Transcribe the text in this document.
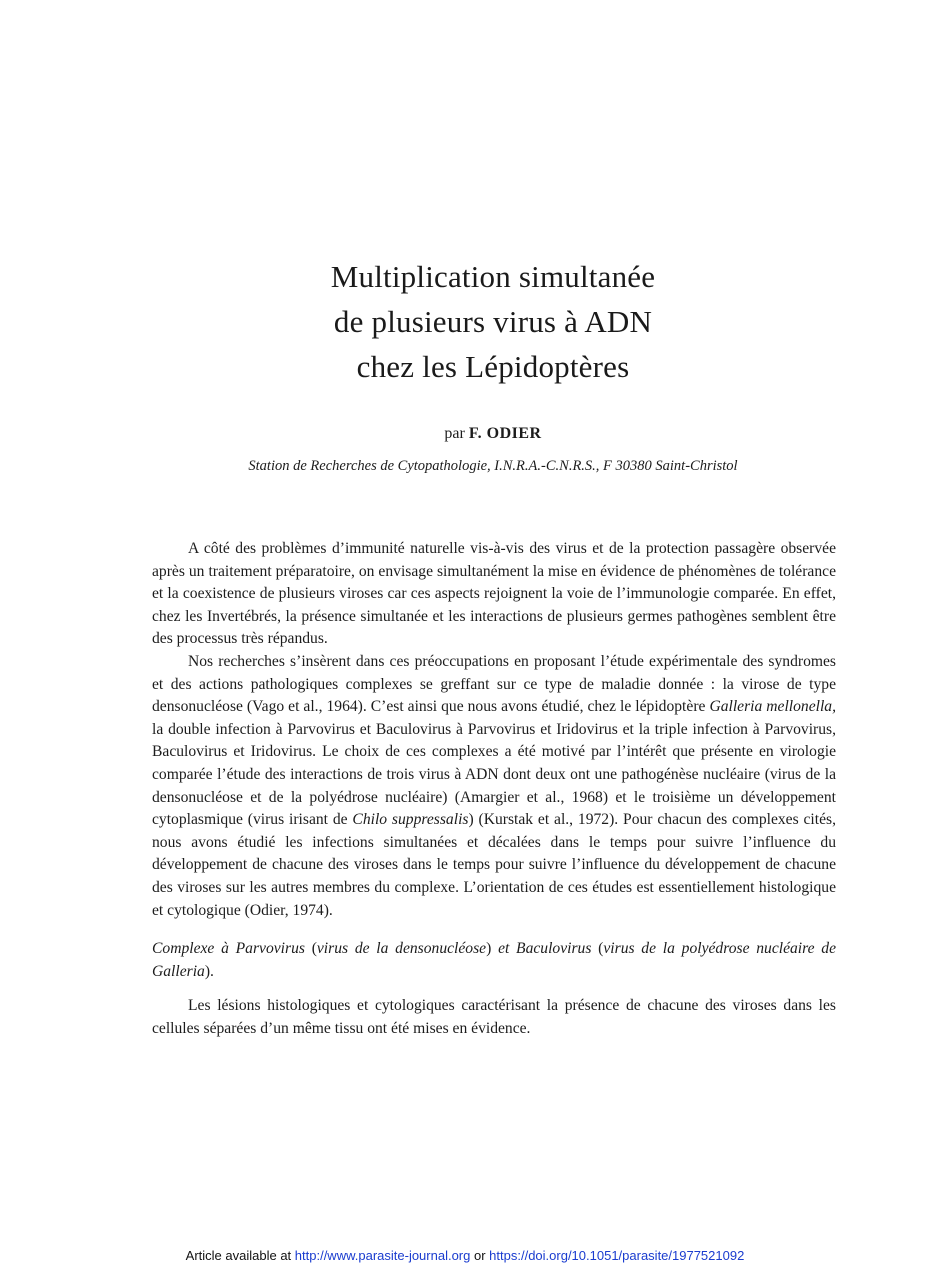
Multiplication simultanée
de plusieurs virus à ADN
chez les Lépidoptères
par F. ODIER
Station de Recherches de Cytopathologie, I.N.R.A.-C.N.R.S., F 30380 Saint-Christol

A côté des problèmes d’immunité naturelle vis-à-vis des virus et de la protection passagère observée après un traitement préparatoire, on envisage simultanément la mise en évidence de phénomènes de tolérance et la coexistence de plusieurs viroses car ces aspects rejoignent la voie de l’immunologie comparée. En effet, chez les Invertébrés, la présence simultanée et les interactions de plusieurs germes pathogènes semblent être des processus très répandus.

Nos recherches s’insèrent dans ces préoccupations en proposant l’étude expérimentale des syndromes et des actions pathologiques complexes se greffant sur ce type de maladie donnée : la virose de type densonucléose (Vago et al., 1964). C’est ainsi que nous avons étudié, chez le lépidoptère Galleria mellonella, la double infection à Parvovirus et Baculovirus à Parvovirus et Iridovirus et la triple infection à Parvovirus, Baculovirus et Iridovirus. Le choix de ces complexes a été motivé par l’intérêt que présente en virologie comparée l’étude des interactions de trois virus à ADN dont deux ont une pathogénèse nucléaire (virus de la densonucléose et de la polyédrose nucléaire) (Amargier et al., 1968) et le troisième un développement cytoplasmique (virus irisant de Chilo suppressalis) (Kurstak et al., 1972). Pour chacun des complexes cités, nous avons étudié les infections simultanées et décalées dans le temps pour suivre l’influence du développement de chacune des viroses dans le temps pour suivre l’influence du développement de chacune des viroses sur les autres membres du complexe. L’orientation de ces études est essentiellement histologique et cytologique (Odier, 1974).

Complexe à Parvovirus (virus de la densonucléose) et Baculovirus (virus de la polyédrose nucléaire de Galleria).

Les lésions histologiques et cytologiques caractérisant la présence de chacune des viroses dans les cellules séparées d’un même tissu ont été mises en évidence.

Article available at http://www.parasite-journal.org or https://doi.org/10.1051/parasite/1977521092
